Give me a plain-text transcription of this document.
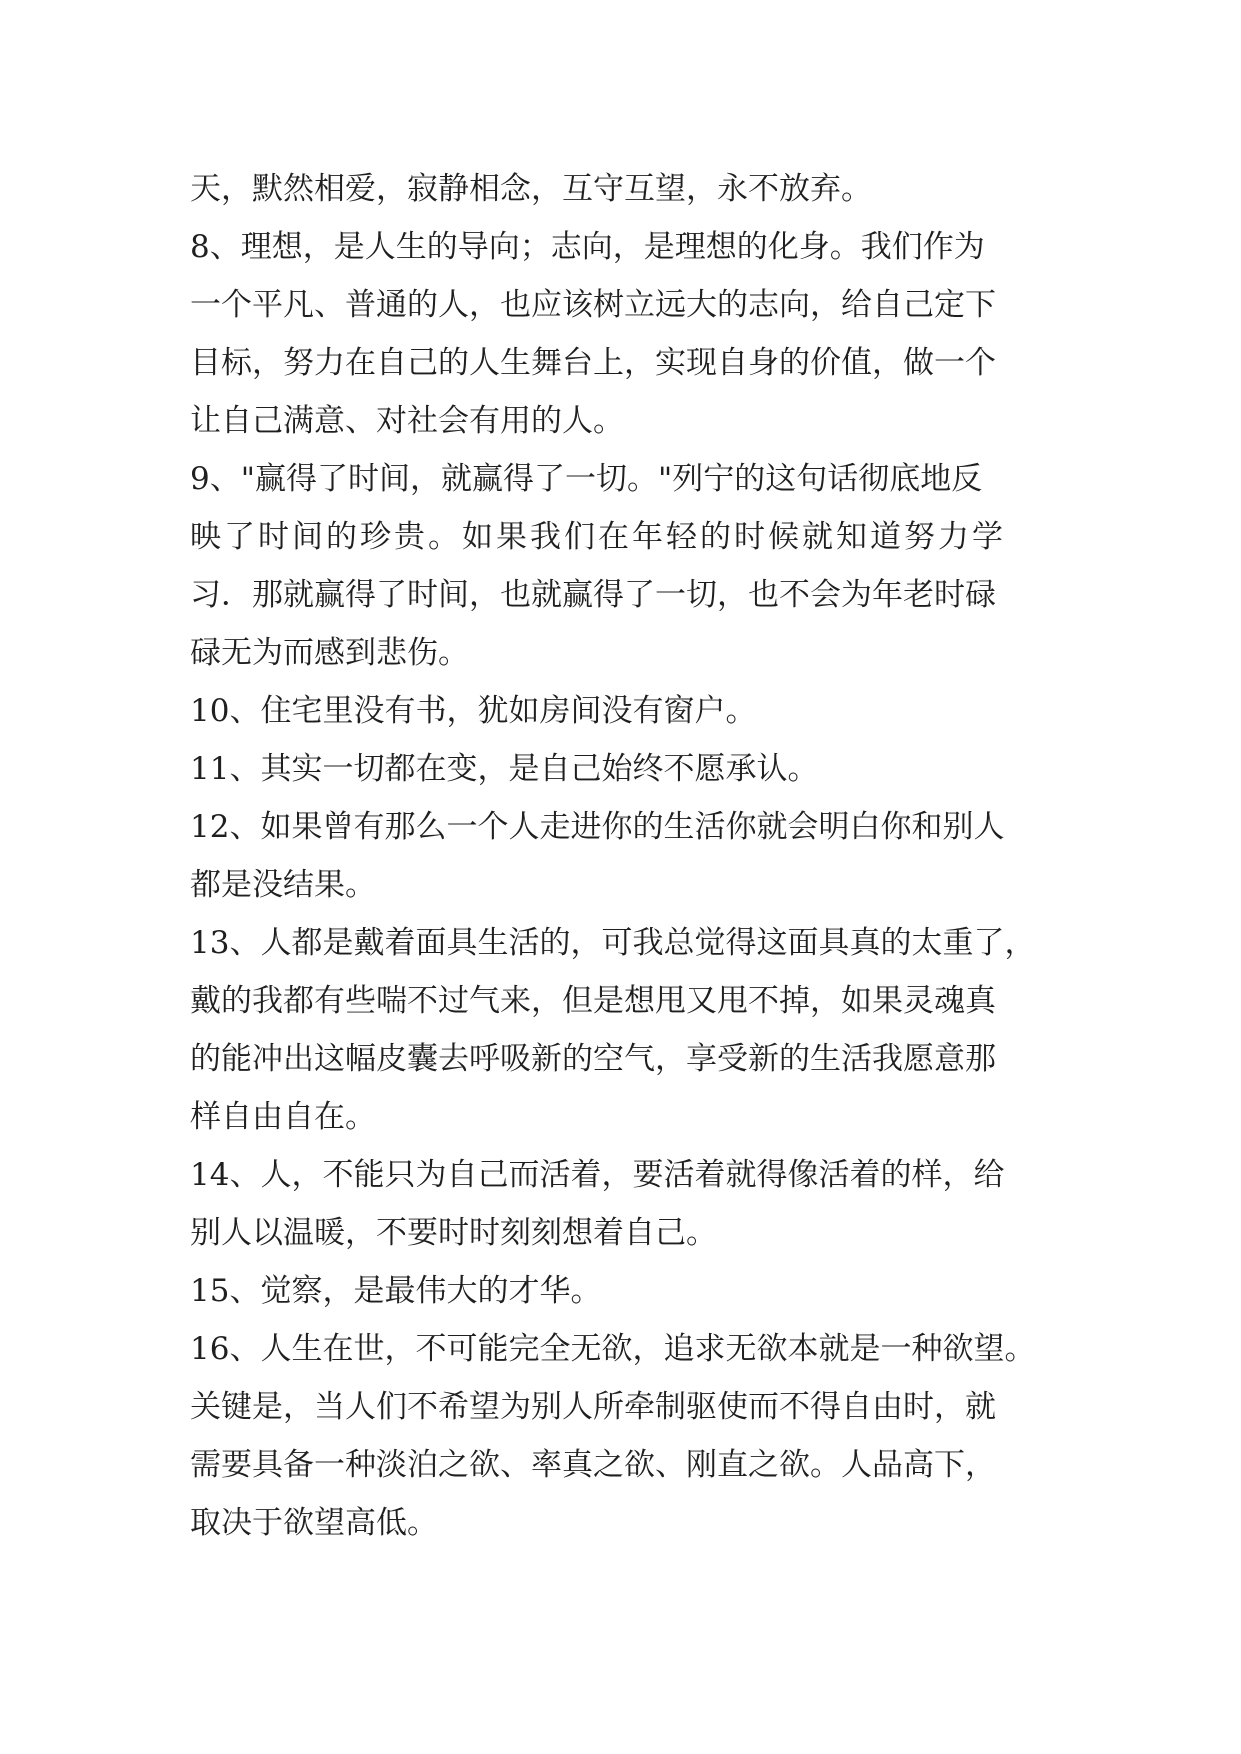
天，默然相爱，寂静相念，互守互望，永不放弃。
8、理想，是人生的导向；志向，是理想的化身。我们作为
一个平凡、普通的人，也应该树立远大的志向，给自己定下
目标，努力在自己的人生舞台上，实现自身的价值，做一个
让自己满意、对社会有用的人。
9、"赢得了时间，就赢得了一切。"列宁的这句话彻底地反
映了时间的珍贵。如果我们在年轻的时候就知道努力学
习．那就赢得了时间，也就赢得了一切，也不会为年老时碌
碌无为而感到悲伤。
10、住宅里没有书，犹如房间没有窗户。
11、其实一切都在变，是自己始终不愿承认。
12、如果曾有那么一个人走进你的生活你就会明白你和别人
都是没结果。
13、人都是戴着面具生活的，可我总觉得这面具真的太重了，
戴的我都有些喘不过气来，但是想甩又甩不掉，如果灵魂真
的能冲出这幅皮囊去呼吸新的空气，享受新的生活我愿意那
样自由自在。
14、人，不能只为自己而活着，要活着就得像活着的样，给
别人以温暖，不要时时刻刻想着自己。
15、觉察，是最伟大的才华。
16、人生在世，不可能完全无欲，追求无欲本就是一种欲望。
关键是，当人们不希望为别人所牵制驱使而不得自由时，就
需要具备一种淡泊之欲、率真之欲、刚直之欲。人品高下，
取决于欲望高低。
